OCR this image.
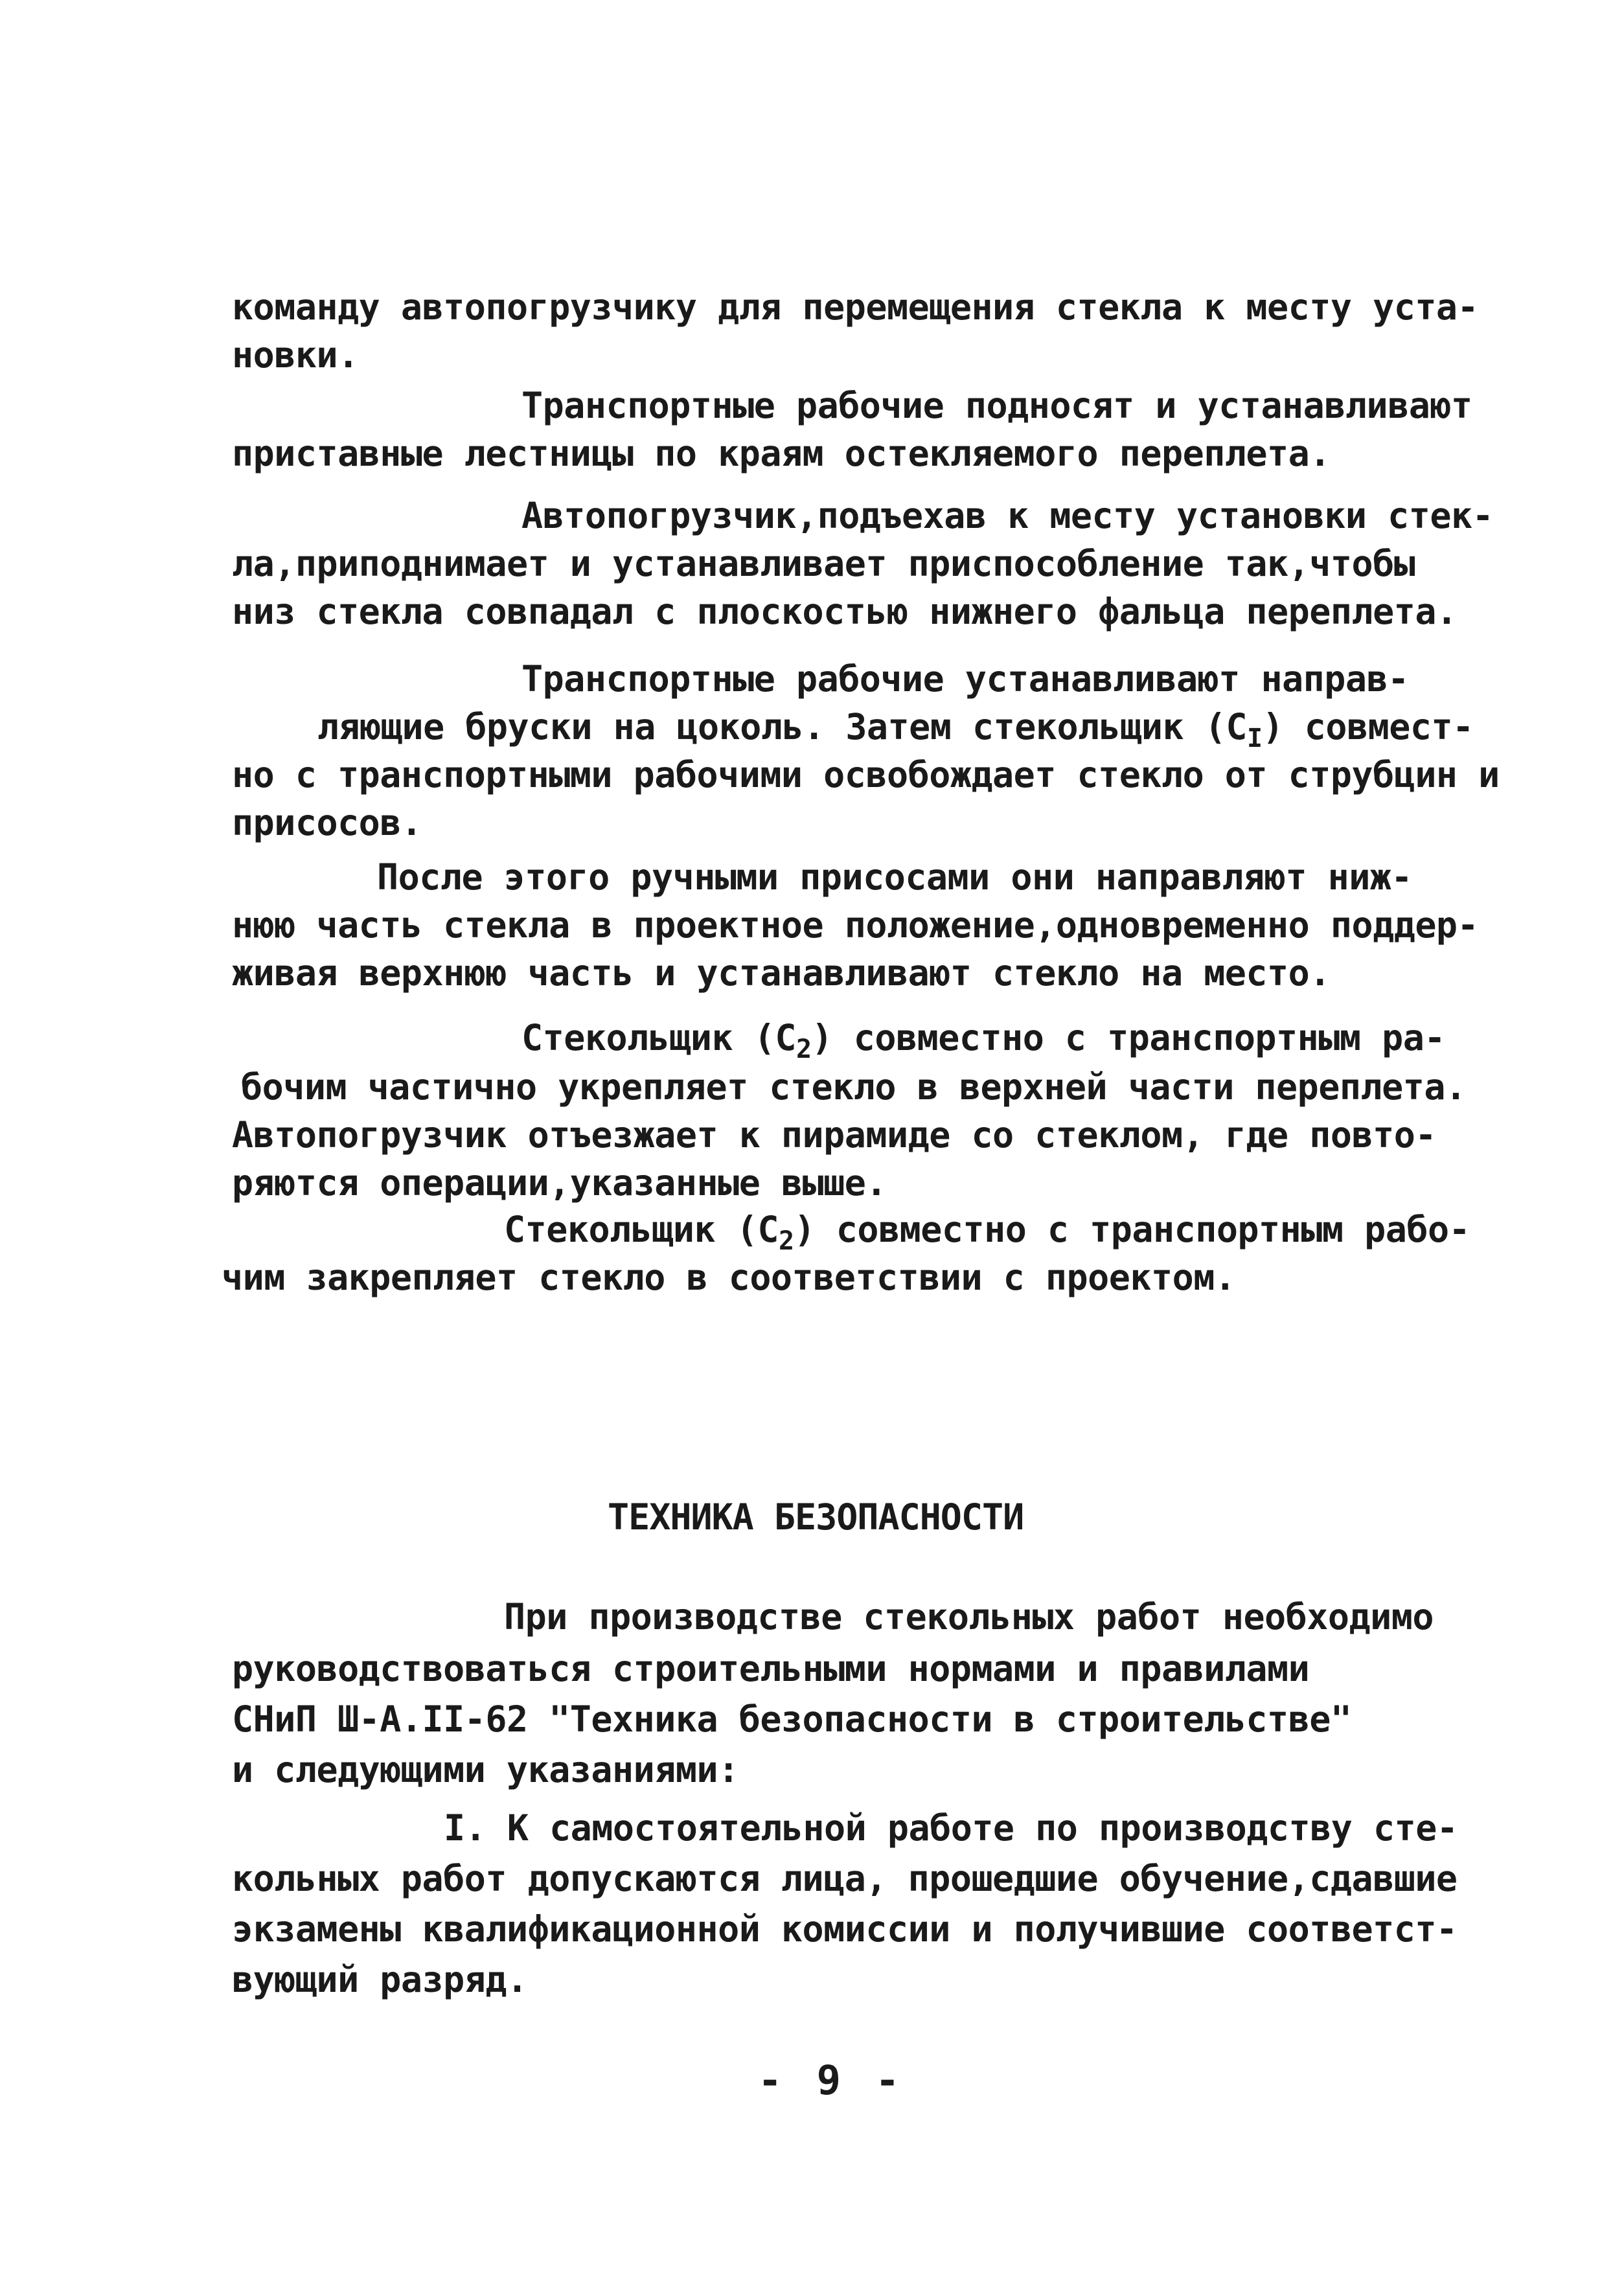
команду автопогрузчику для перемещения стекла к месту уста-
новки.
Транспортные рабочие подносят и устанавливают
приставные лестницы по краям остекляемого переплета.
Автопогрузчик,подъехав к месту установки стек-
ла,приподнимает и устанавливает приспособление так,чтобы
низ стекла совпадал с плоскостью нижнего фальца переплета.
Транспортные рабочие устанавливают направ-
ляющие бруски на цоколь. Затем стекольщик $(С_I)$ совмест-
но с транспортными рабочими освобождает стекло от струбцин и
присосов.
После этого ручными присосами они направляют ниж-
нюю часть стекла в проектное положение,одновременно поддер-
живая верхнюю часть и устанавливают стекло на место.
Стекольщик $(С_2)$ совместно с транспортным ра-
бочим частично укрепляет стекло в верхней части переплета.
Автопогрузчик отъезжает к пирамиде со стеклом, где повто-
ряются операции,указанные выше.
Стекольщик $(С_2)$ совместно с транспортным рабо-
чим закрепляет стекло в соответствии с проектом.
ТЕХНИКА БЕЗОПАСНОСТИ
При производстве стекольных работ необходимо
руководствоваться строительными нормами и правилами
СНиП Ш-А.II-62 "Техника безопасности в строительстве"
и следующими указаниями:
I. К самостоятельной работе по производству сте-
кольных работ допускаются лица, прошедшие обучение,сдавшие
экзамены квалификационной комиссии и получившие соответст-
вующий разряд.
- 9 -
